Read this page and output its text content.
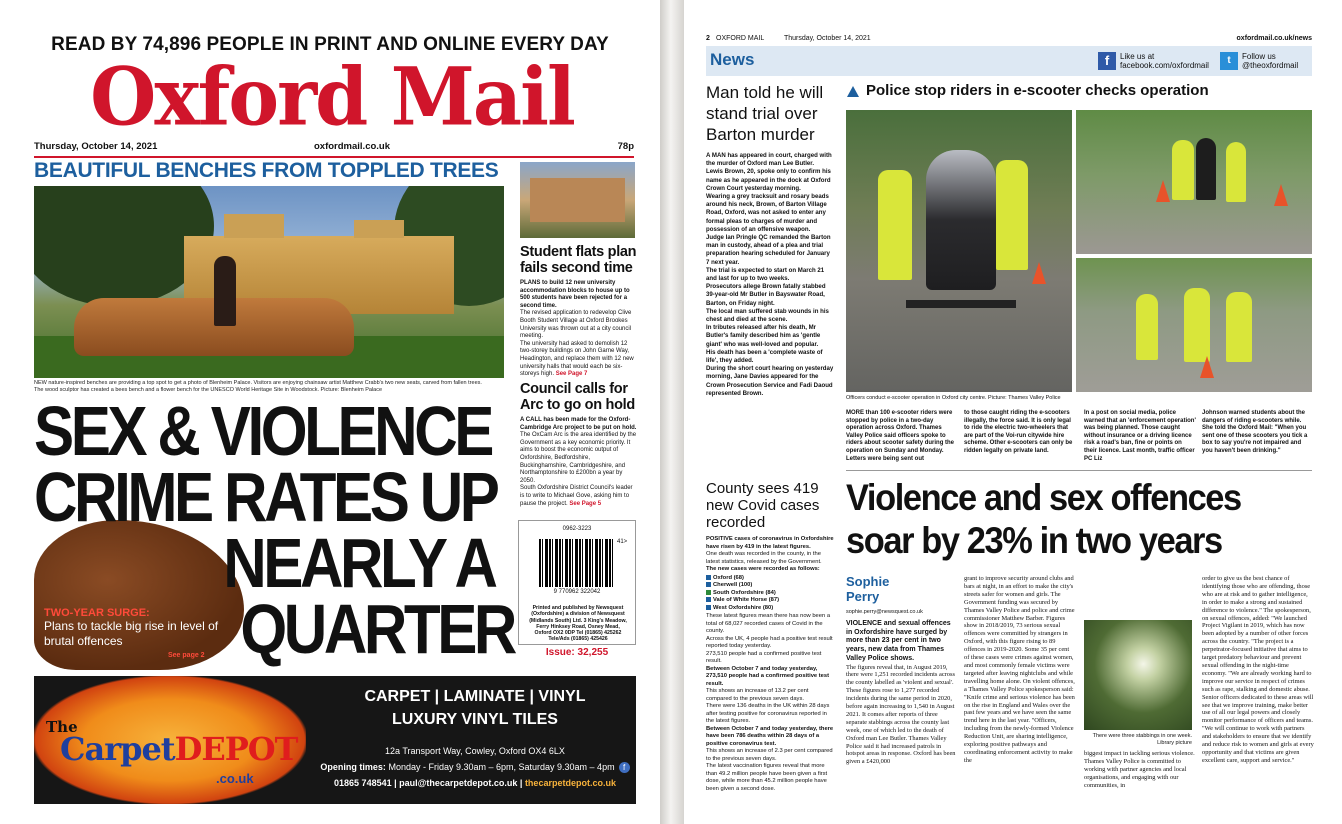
READ BY 74,896 PEOPLE IN PRINT AND ONLINE EVERY DAY
Oxford Mail
Thursday, October 14, 2021	oxfordmail.co.uk	78p
BEAUTIFUL BENCHES FROM TOPPLED TREES
NEW nature-inspired benches are providing a top spot to get a photo of Blenheim Palace. Visitors are enjoying chainsaw artist Matthew Crabb's two new seats, carved from fallen trees.
The wood sculptor has created a bees bench and a flower bench for the UNESCO World Heritage Site in Woodstock. Picture: Blenheim Palace
SEX & VIOLENCE
CRIME RATES UP
NEARLY A
QUARTER
TWO-YEAR SURGE:
Plans to tackle big rise in level of brutal offences
See page 2
Student flats plan fails second time
PLANS to build 12 new university accommodation blocks to house up to 500 students have been rejected for a second time.
The revised application to redevelop Clive Booth Student Village at Oxford Brookes University was thrown out at a city council meeting.
The university had asked to demolish 12 two-storey buildings on John Garne Way, Headington, and replace them with 12 new university halls that would each be six-storeys high. See Page 7
Council calls for Arc to go on hold
A CALL has been made for the Oxford-Cambridge Arc project to be put on hold.
The OxCam Arc is the area identified by the Government as a key economic priority. It aims to boost the economic output of Oxfordshire, Bedfordshire, Buckinghamshire, Cambridgeshire, and Northamptonshire to £200bn a year by 2050.
South Oxfordshire District Council's leader is to write to Michael Gove, asking him to pause the project. See Page 5
0962-3223
41>
9 770962 322042
Printed and published by Newsquest (Oxfordshire) a division of Newsquest (Midlands South) Ltd. 3 King's Meadow, Ferry Hinksey Road, Osney Mead, Oxford OX2 0DP Tel (01865) 425262 Tele/Ads (01865) 425426
Issue: 32,255
The
CarpetDEPOT
.co.uk
CARPET | LAMINATE | VINYL
LUXURY VINYL TILES
12a Transport Way, Cowley, Oxford OX4 6LX
Opening times: Monday - Friday 9.30am – 6pm, Saturday 9.30am – 4pm f
01865 748541 | paul@thecarpetdepot.co.uk | thecarpetdepot.co.uk
2 OXFORD MAIL	Thursday, October 14, 2021	oxfordmail.co.uk/news
News	f	Like us at
facebook.com/oxfordmail	t	Follow us
@theoxfordmail
Man told he will stand trial over Barton murder
A MAN has appeared in court, charged with the murder of Oxford man Lee Butler.
Lewis Brown, 20, spoke only to confirm his name as he appeared in the dock at Oxford Crown Court yesterday morning.
Wearing a grey tracksuit and rosary beads around his neck, Brown, of Barton Village Road, Oxford, was not asked to enter any formal pleas to charges of murder and possession of an offensive weapon.
Judge Ian Pringle QC remanded the Barton man in custody, ahead of a plea and trial preparation hearing scheduled for January 7 next year.
The trial is expected to start on March 21 and last for up to two weeks.
Prosecutors allege Brown fatally stabbed 39-year-old Mr Butler in Bayswater Road, Barton, on Friday night.
The local man suffered stab wounds in his chest and died at the scene.
In tributes released after his death, Mr Butler's family described him as 'gentle giant' who was well-loved and popular.
His death has been a 'complete waste of life', they added.
During the short court hearing on yesterday morning, Jane Davies appeared for the Crown Prosecution Service and Fadi Daoud represented Brown.
County sees 419 new Covid cases recorded
POSITIVE cases of coronavirus in Oxfordshire have risen by 419 in the latest figures.
One death was recorded in the county, in the latest statistics, released by the Government.
The new cases were recorded as follows:
Oxford (68)
Cherwell (100)
South Oxfordshire (84)
Vale of White Horse (87)
West Oxfordshire (80)
These latest figures mean there has now been a total of 68,027 recorded cases of Covid in the county.
Across the UK, 4 people had a positive test result reported today yesterday.
273,510 people had a confirmed positive test result.
Between October 7 and today yesterday, 273,510 people had a confirmed positive test result.
This shows an increase of 13.2 per cent compared to the previous seven days.
There were 136 deaths in the UK within 28 days after testing positive for coronavirus reported in the latest figures.
Between October 7 and today yesterday, there have been 786 deaths within 28 days of a positive coronavirus test.
This shows an increase of 2.3 per cent compared to the previous seven days.
The latest vaccination figures reveal that more than 49.2 million people have been given a first dose, while more than 45.2 million people have been given a second dose.
Police stop riders in e-scooter checks operation
Officers conduct e-scooter operation in Oxford city centre. Picture: Thames Valley Police
MORE than 100 e-scooter riders were stopped by police in a two-day operation across Oxford. Thames Valley Police said officers spoke to riders about scooter safety during the operation on Sunday and Monday. Letters were being sent out
to those caught riding the e-scooters illegally, the force said. It is only legal to ride the electric two-wheelers that are part of the Voi-run citywide hire scheme. Other e-scooters can only be ridden legally on private land.
In a post on social media, police warned that an 'enforcement operation' was being planned. Those caught without insurance or a driving licence risk a road's ban, fine or points on their licence. Last month, traffic officer PC Liz
Johnson warned students about the dangers of riding e-scooters while. She told the Oxford Mail: "When you sent one of these scooters you tick a box to say you're not impaired and you haven't been drinking."
Violence and sex offences soar by 23% in two years
Sophie Perry
sophie.perry@newsquest.co.uk
VIOLENCE and sexual offences in Oxfordshire have surged by more than 23 per cent in two years, new data from Thames Valley Police shows.
The figures reveal that, in August 2019, there were 1,251 recorded incidents across the county labelled as 'violent and sexual'. These figures rose to 1,277 recorded incidents during the same period in 2020, before again increasing to 1,540 in August 2021. It comes after reports of three separate stabbings across the county last week, one of which led to the death of Oxford man Lee Butler. Thames Valley Police said it had increased patrols in hotspot areas in response. Oxford has been given a £420,000
grant to improve security around clubs and bars at night, in an effort to make the city's streets safer for women and girls. The Government funding was secured by Thames Valley Police and police and crime commissioner Matthew Barber. Figures show in 2018/2019, 73 serious sexual offences were committed by strangers in Oxford, with this figure rising to 89 offences in 2019-2020. Some 35 per cent of these cases were crimes against women, and most commonly female victims were targeted after leaving nightclubs and while travelling home alone. On violent offences, a Thames Valley Police spokesperson said: "Knife crime and serious violence has been on the rise in England and Wales over the past few years and we have seen the same trend here in the last year. "Officers, including from the newly-formed Violence Reduction Unit, are sharing intelligence, exploring positive pathways and coordinating enforcement activity to make the
There were three stabbings in one week. Library picture
biggest impact in tackling serious violence. Thames Valley Police is committed to working with partner agencies and local organisations, and engaging with our communities, in
order to give us the best chance of identifying those who are offending, those who are at risk and to gather intelligence, in order to make a strong and sustained difference to violence." The spokesperson, on sexual offences, added: "We launched Project Vigilant in 2019, which has now been adopted by a number of other forces across the country. "The project is a perpetrator-focused initiative that aims to target predatory behaviour and prevent sexual offending in the night-time economy. "We are already working hard to improve our service in respect of crimes such as rape, stalking and domestic abuse. Senior officers dedicated to these areas will see that we improve training, make better use of all our legal powers and closely monitor performance of officers and teams. "We will continue to work with partners and stakeholders to ensure that we identify and reduce risk to women and girls at every opportunity and that victims are given excellent care, support and service."
